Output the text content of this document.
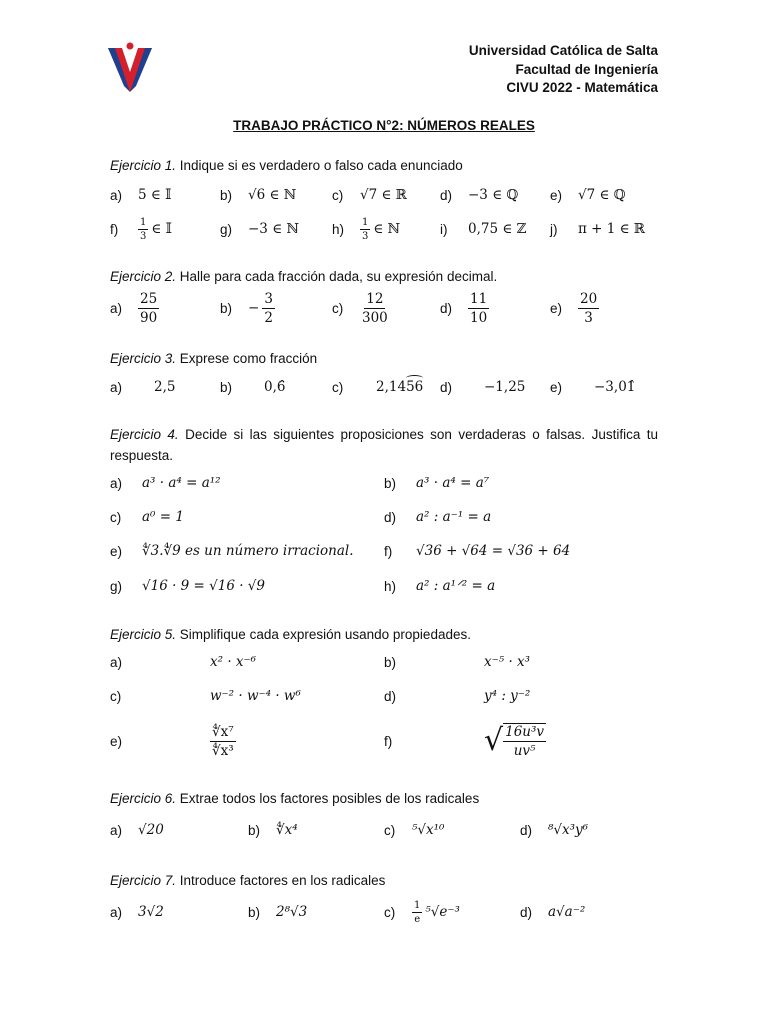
Universidad Católica de Salta
Facultad de Ingeniería
CIVU 2022 - Matemática
TRABAJO PRÁCTICO N°2: NÚMEROS REALES
Ejercicio 1. Indique si es verdadero o falso cada enunciado
Ejercicio 2. Halle para cada fracción dada, su expresión decimal.
Ejercicio 3. Exprese como fracción
Ejercicio 4. Decide si las siguientes proposiciones son verdaderas o falsas. Justifica tu respuesta.
Ejercicio 5. Simplifique cada expresión usando propiedades.
Ejercicio 6. Extrae todos los factores posibles de los radicales
Ejercicio 7. Introduce factores en los radicales
a)	5 ∈ 𝕀	b)	√6 ∈ ℕ	c)	√7 ∈ ℝ d)	−3 ∈ ℚ e)	√7 ∈ ℚ
f)	$\frac{1}{3}$ ∈ 𝕀	g)	−3 ∈ ℕ h)	$\frac{1}{3}$ ∈ ℕ	i)	0,75 ∈ ℤ j)	π + 1 ∈ ℝ
a)	$\frac{25}{90}$	b)	− $\frac{3}{2}$	c)	$\frac{12}{300}$	d)	$\frac{11}{10}$	e)	$\frac{20}{3}$
a)	2,5	b)	0,6̂	c)	2,1456 d)	−1,25 e)	−3,01̂
a)	a³ · a⁴ = a¹²	b)	a³ · a⁴ = a⁷
c)	a⁰ = 1	d)	a² : a⁻¹ = a
e)	∜3.∜9 es un número irracional. f)	√36 + √64 = √36 + 64
g)	√16 · 9 = √16 · √9	h)	a² : a¹ᐟ² = a
a)	x² · x⁻⁶	b)	x⁻⁵ · x³
c)	w⁻² · w⁻⁴ · w⁶	d)	y⁴ : y⁻²
e)	$\frac{\text{∜x⁷}}{\text{∜x³}}$	f)	√ $\frac{\text{16u³v}}{\text{uv⁵}}$
a)	√20	b)	∜x⁴	c)	⁵√x¹⁰	d)	⁸√x³y⁶
a)	3√2	b)	2⁸√3	c)	$\frac{1}{e} ^5√e^{-3}$	d)	a√a⁻²
